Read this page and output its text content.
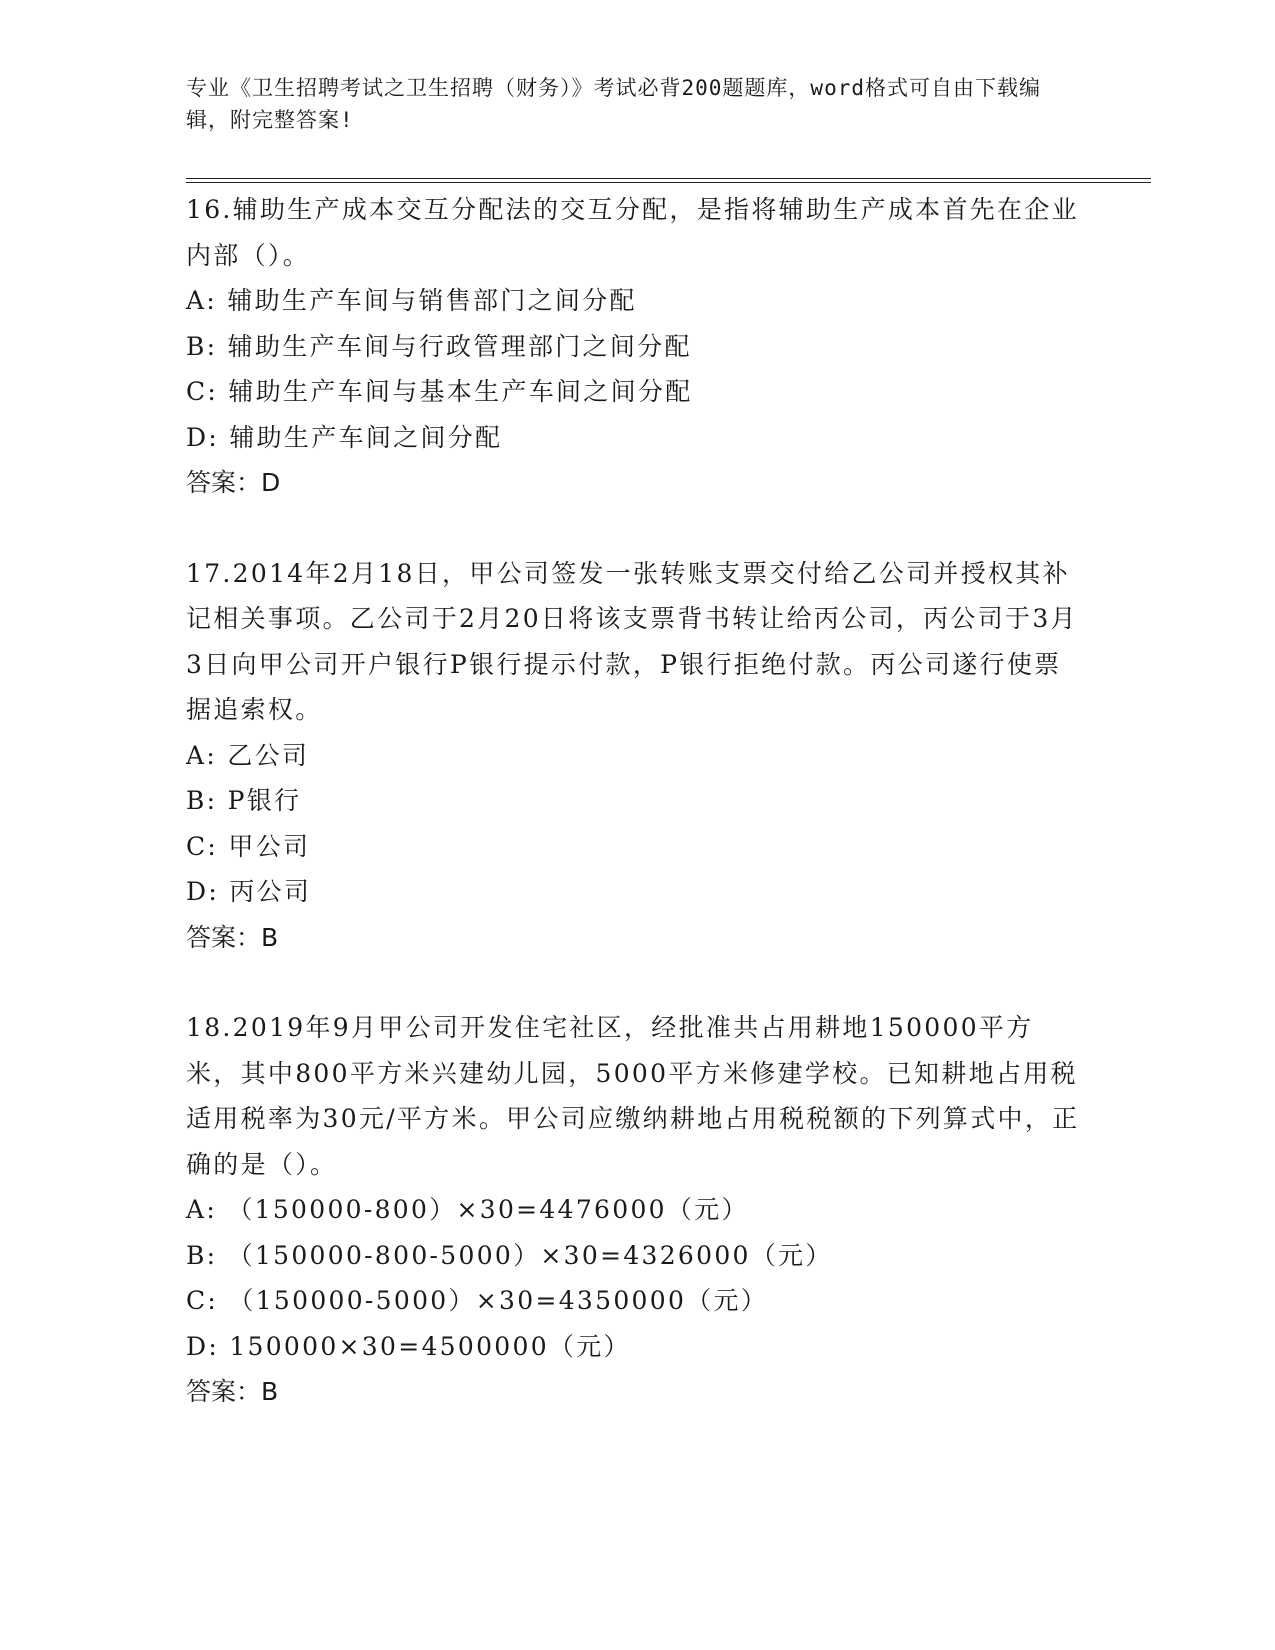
专业《卫生招聘考试之卫生招聘（财务）》考试必背200题题库，word格式可自由下载编辑，附完整答案!

16.辅助生产成本交互分配法的交互分配，是指将辅助生产成本首先在企业内部（）。

A: 辅助生产车间与销售部门之间分配

B: 辅助生产车间与行政管理部门之间分配

C: 辅助生产车间与基本生产车间之间分配

D: 辅助生产车间之间分配

答案：D

17.2014年2月18日，甲公司签发一张转账支票交付给乙公司并授权其补记相关事项。乙公司于2月20日将该支票背书转让给丙公司，丙公司于3月3日向甲公司开户银行P银行提示付款，P银行拒绝付款。丙公司遂行使票据追索权。

A: 乙公司

B: P银行

C: 甲公司

D: 丙公司

答案：B

18.2019年9月甲公司开发住宅社区，经批准共占用耕地150000平方米，其中800平方米兴建幼儿园，5000平方米修建学校。已知耕地占用税适用税率为30元/平方米。甲公司应缴纳耕地占用税税额的下列算式中，正确的是（）。

A: （150000-800）×30=4476000（元）

B: （150000-800-5000）×30=4326000（元）

C: （150000-5000）×30=4350000（元）

D: 150000×30=4500000（元）

答案：B
